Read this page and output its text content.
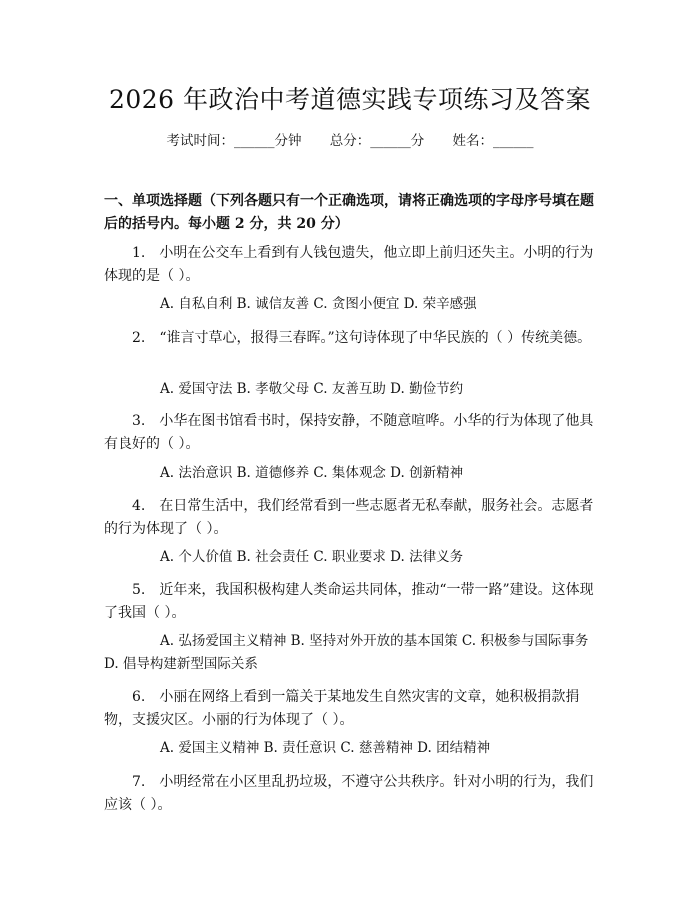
2026 年政治中考道德实践专项练习及答案
考试时间：______分钟 总分：______分 姓名：______
一、单项选择题（下列各题只有一个正确选项，请将正确选项的字母序号填在题后的括号内。每小题 2 分，共 20 分）
1.　小明在公交车上看到有人钱包遗失，他立即上前归还失主。小明的行为体现的是（ ）。
A. 自私自利 B. 诚信友善 C. 贪图小便宜 D. 荣辛感强
2.　“谁言寸草心，报得三春晖。”这句诗体现了中华民族的（ ）传统美德。
A. 爱国守法 B. 孝敬父母 C. 友善互助 D. 勤俭节约
3.　小华在图书馆看书时，保持安静，不随意喧哗。小华的行为体现了他具有良好的（ ）。
A. 法治意识 B. 道德修养 C. 集体观念 D. 创新精神
4.　在日常生活中，我们经常看到一些志愿者无私奉献，服务社会。志愿者的行为体现了（ ）。
A. 个人价值 B. 社会责任 C. 职业要求 D. 法律义务
5.　近年来，我国积极构建人类命运共同体，推动“一带一路”建设。这体现了我国（ ）。
A. 弘扬爱国主义精神 B. 坚持对外开放的基本国策 C. 积极参与国际事务 D. 倡导构建新型国际关系
6.　小丽在网络上看到一篇关于某地发生自然灾害的文章，她积极捐款捐物，支援灾区。小丽的行为体现了（ ）。
A. 爱国主义精神 B. 责任意识 C. 慈善精神 D. 团结精神
7.　小明经常在小区里乱扔垃圾，不遵守公共秩序。针对小明的行为，我们应该（ ）。
